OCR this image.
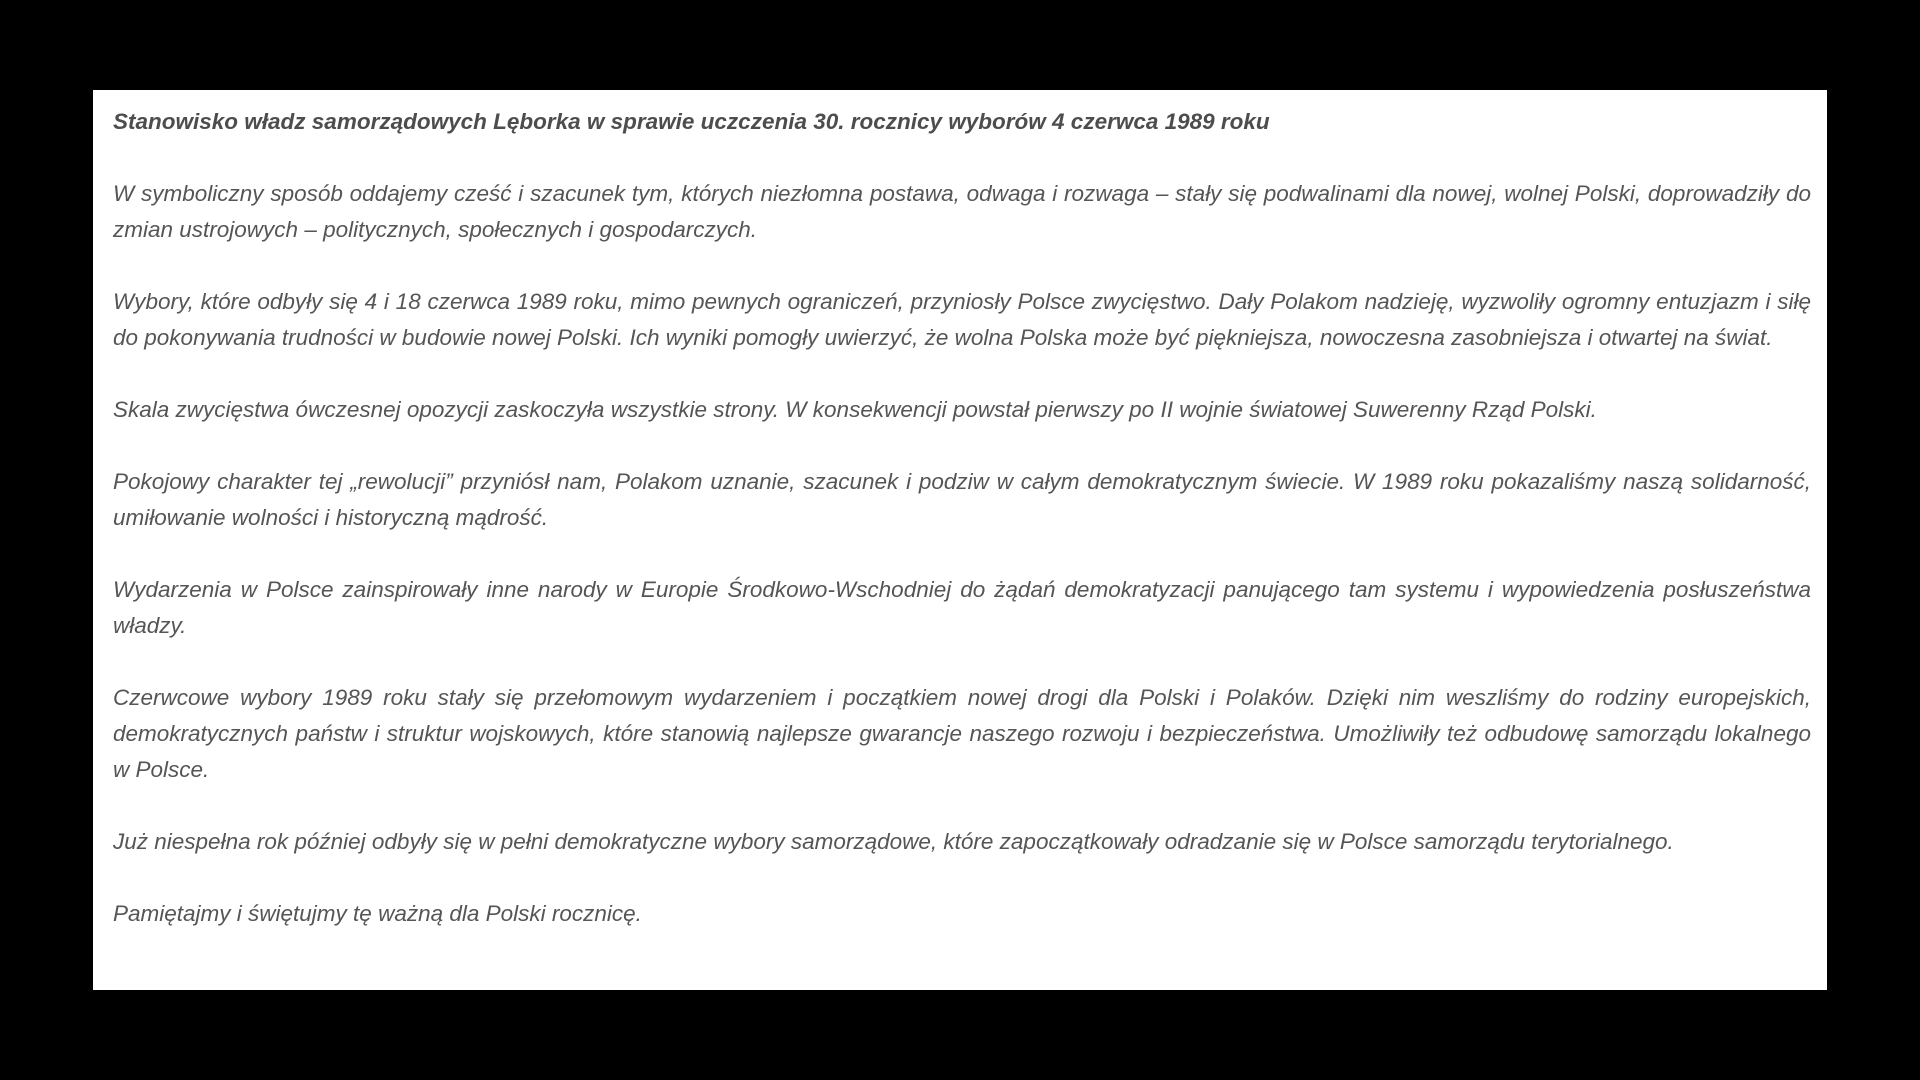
Stanowisko władz samorządowych Lęborka w sprawie uczczenia 30. rocznicy wyborów 4 czerwca 1989 roku

W symboliczny sposób oddajemy cześć i szacunek tym, których niezłomna postawa, odwaga i rozwaga – stały się podwalinami dla nowej, wolnej Polski, doprowadziły do zmian ustrojowych – politycznych, społecznych i gospodarczych.

Wybory, które odbyły się 4 i 18 czerwca 1989 roku, mimo pewnych ograniczeń, przyniosły Polsce zwycięstwo. Dały Polakom nadzieję, wyzwoliły ogromny entuzjazm i siłę do pokonywania trudności w budowie nowej Polski. Ich wyniki pomogły uwierzyć, że wolna Polska może być piękniejsza, nowoczesna zasobniejsza i otwartej na świat.

Skala zwycięstwa ówczesnej opozycji zaskoczyła wszystkie strony. W konsekwencji powstał pierwszy po II wojnie światowej Suwerenny Rząd Polski.

Pokojowy charakter tej „rewolucji” przyniósł nam, Polakom uznanie, szacunek i podziw w całym demokratycznym świecie. W 1989 roku pokazaliśmy naszą solidarność, umiłowanie wolności i historyczną mądrość.

Wydarzenia w Polsce zainspirowały inne narody w Europie Środkowo-Wschodniej do żądań demokratyzacji panującego tam systemu i wypowiedzenia posłuszeństwa władzy.

Czerwcowe wybory 1989 roku stały się przełomowym wydarzeniem i początkiem nowej drogi dla Polski i Polaków. Dzięki nim weszliśmy do rodziny europejskich, demokratycznych państw i struktur wojskowych, które stanowią najlepsze gwarancje naszego rozwoju i bezpieczeństwa. Umożliwiły też odbudowę samorządu lokalnego w Polsce.

Już niespełna rok później odbyły się w pełni demokratyczne wybory samorządowe, które zapoczątkowały odradzanie się w Polsce samorządu terytorialnego.

Pamiętajmy i świętujmy tę ważną dla Polski rocznicę.
